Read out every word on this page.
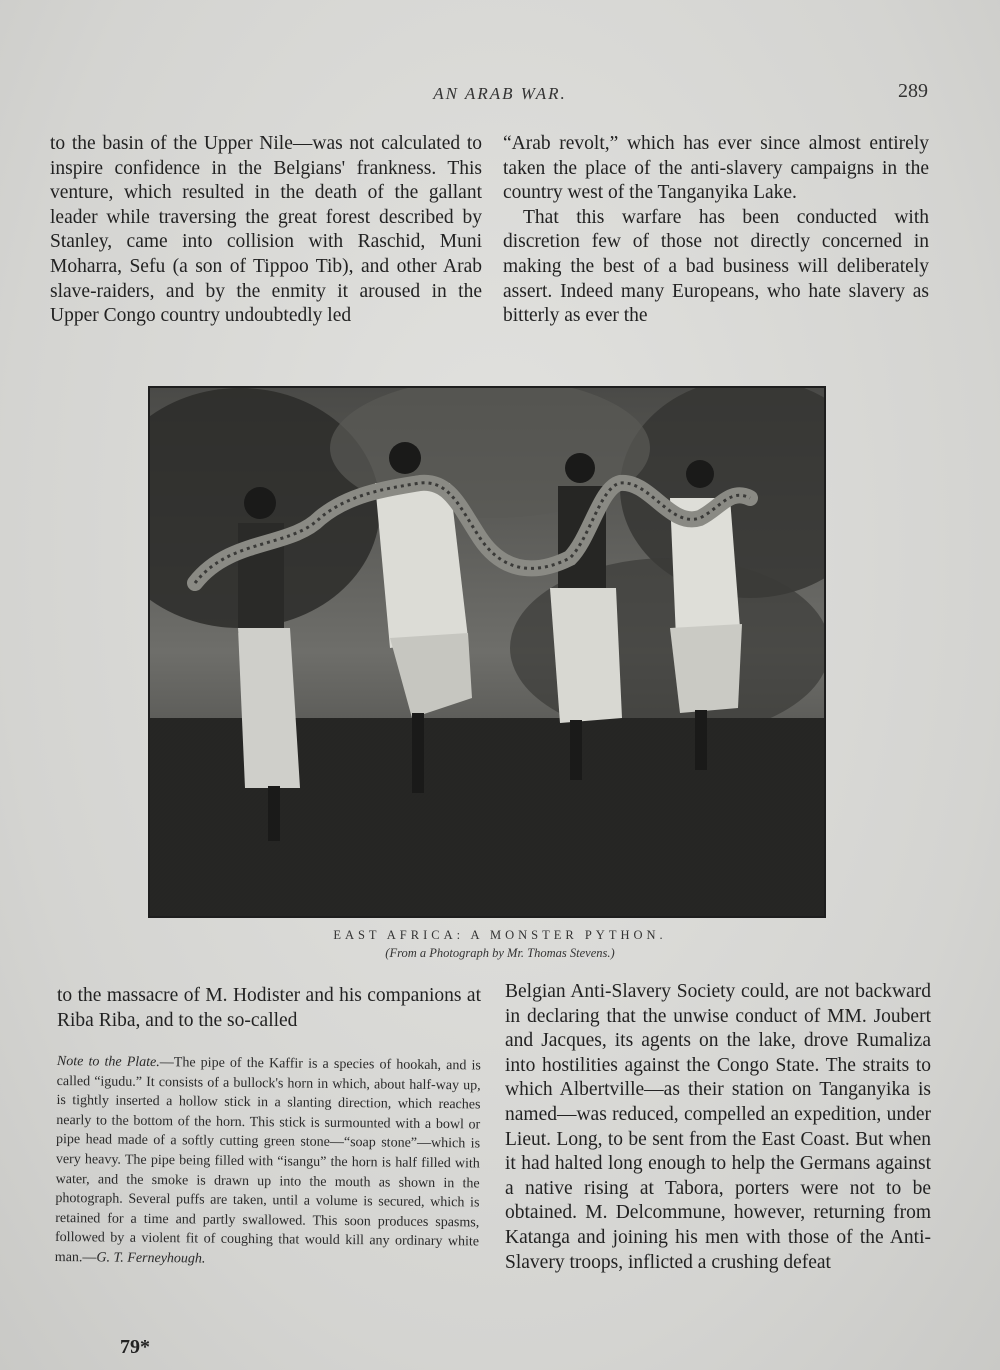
AN ARAB WAR.	289

to the basin of the Upper Nile—was not calculated to inspire confidence in the Belgians' frankness. This venture, which resulted in the death of the gallant leader while traversing the great forest described by Stanley, came into collision with Raschid, Muni Moharra, Sefu (a son of Tippoo Tib), and other Arab slave-raiders, and by the enmity it aroused in the Upper Congo country undoubtedly led

“Arab revolt,” which has ever since almost entirely taken the place of the anti-slavery campaigns in the country west of the Tanganyika Lake.

That this warfare has been conducted with discretion few of those not directly concerned in making the best of a bad business will deliberately assert. Indeed many Europeans, who hate slavery as bitterly as ever the

EAST AFRICA: A MONSTER PYTHON.
(From a Photograph by Mr. Thomas Stevens.)

to the massacre of M. Hodister and his companions at Riba Riba, and to the so-called

Note to the Plate.—The pipe of the Kaffir is a species of hookah, and is called “igudu.” It consists of a bullock's horn in which, about half-way up, is tightly inserted a hollow stick in a slanting direction, which reaches nearly to the bottom of the horn. This stick is surmounted with a bowl or pipe head made of a softly cutting green stone—“soap stone”—which is very heavy. The pipe being filled with “isangu” the horn is half filled with water, and the smoke is drawn up into the mouth as shown in the photograph. Several puffs are taken, until a volume is secured, which is retained for a time and partly swallowed. This soon produces spasms, followed by a violent fit of coughing that would kill any ordinary white man.—G. T. Ferneyhough.

Belgian Anti-Slavery Society could, are not backward in declaring that the unwise conduct of MM. Joubert and Jacques, its agents on the lake, drove Rumaliza into hostilities against the Congo State. The straits to which Albertville—as their station on Tanganyika is named—was reduced, compelled an expedition, under Lieut. Long, to be sent from the East Coast. But when it had halted long enough to help the Germans against a native rising at Tabora, porters were not to be obtained. M. Delcommune, however, returning from Katanga and joining his men with those of the Anti-Slavery troops, inflicted a crushing defeat

79*
